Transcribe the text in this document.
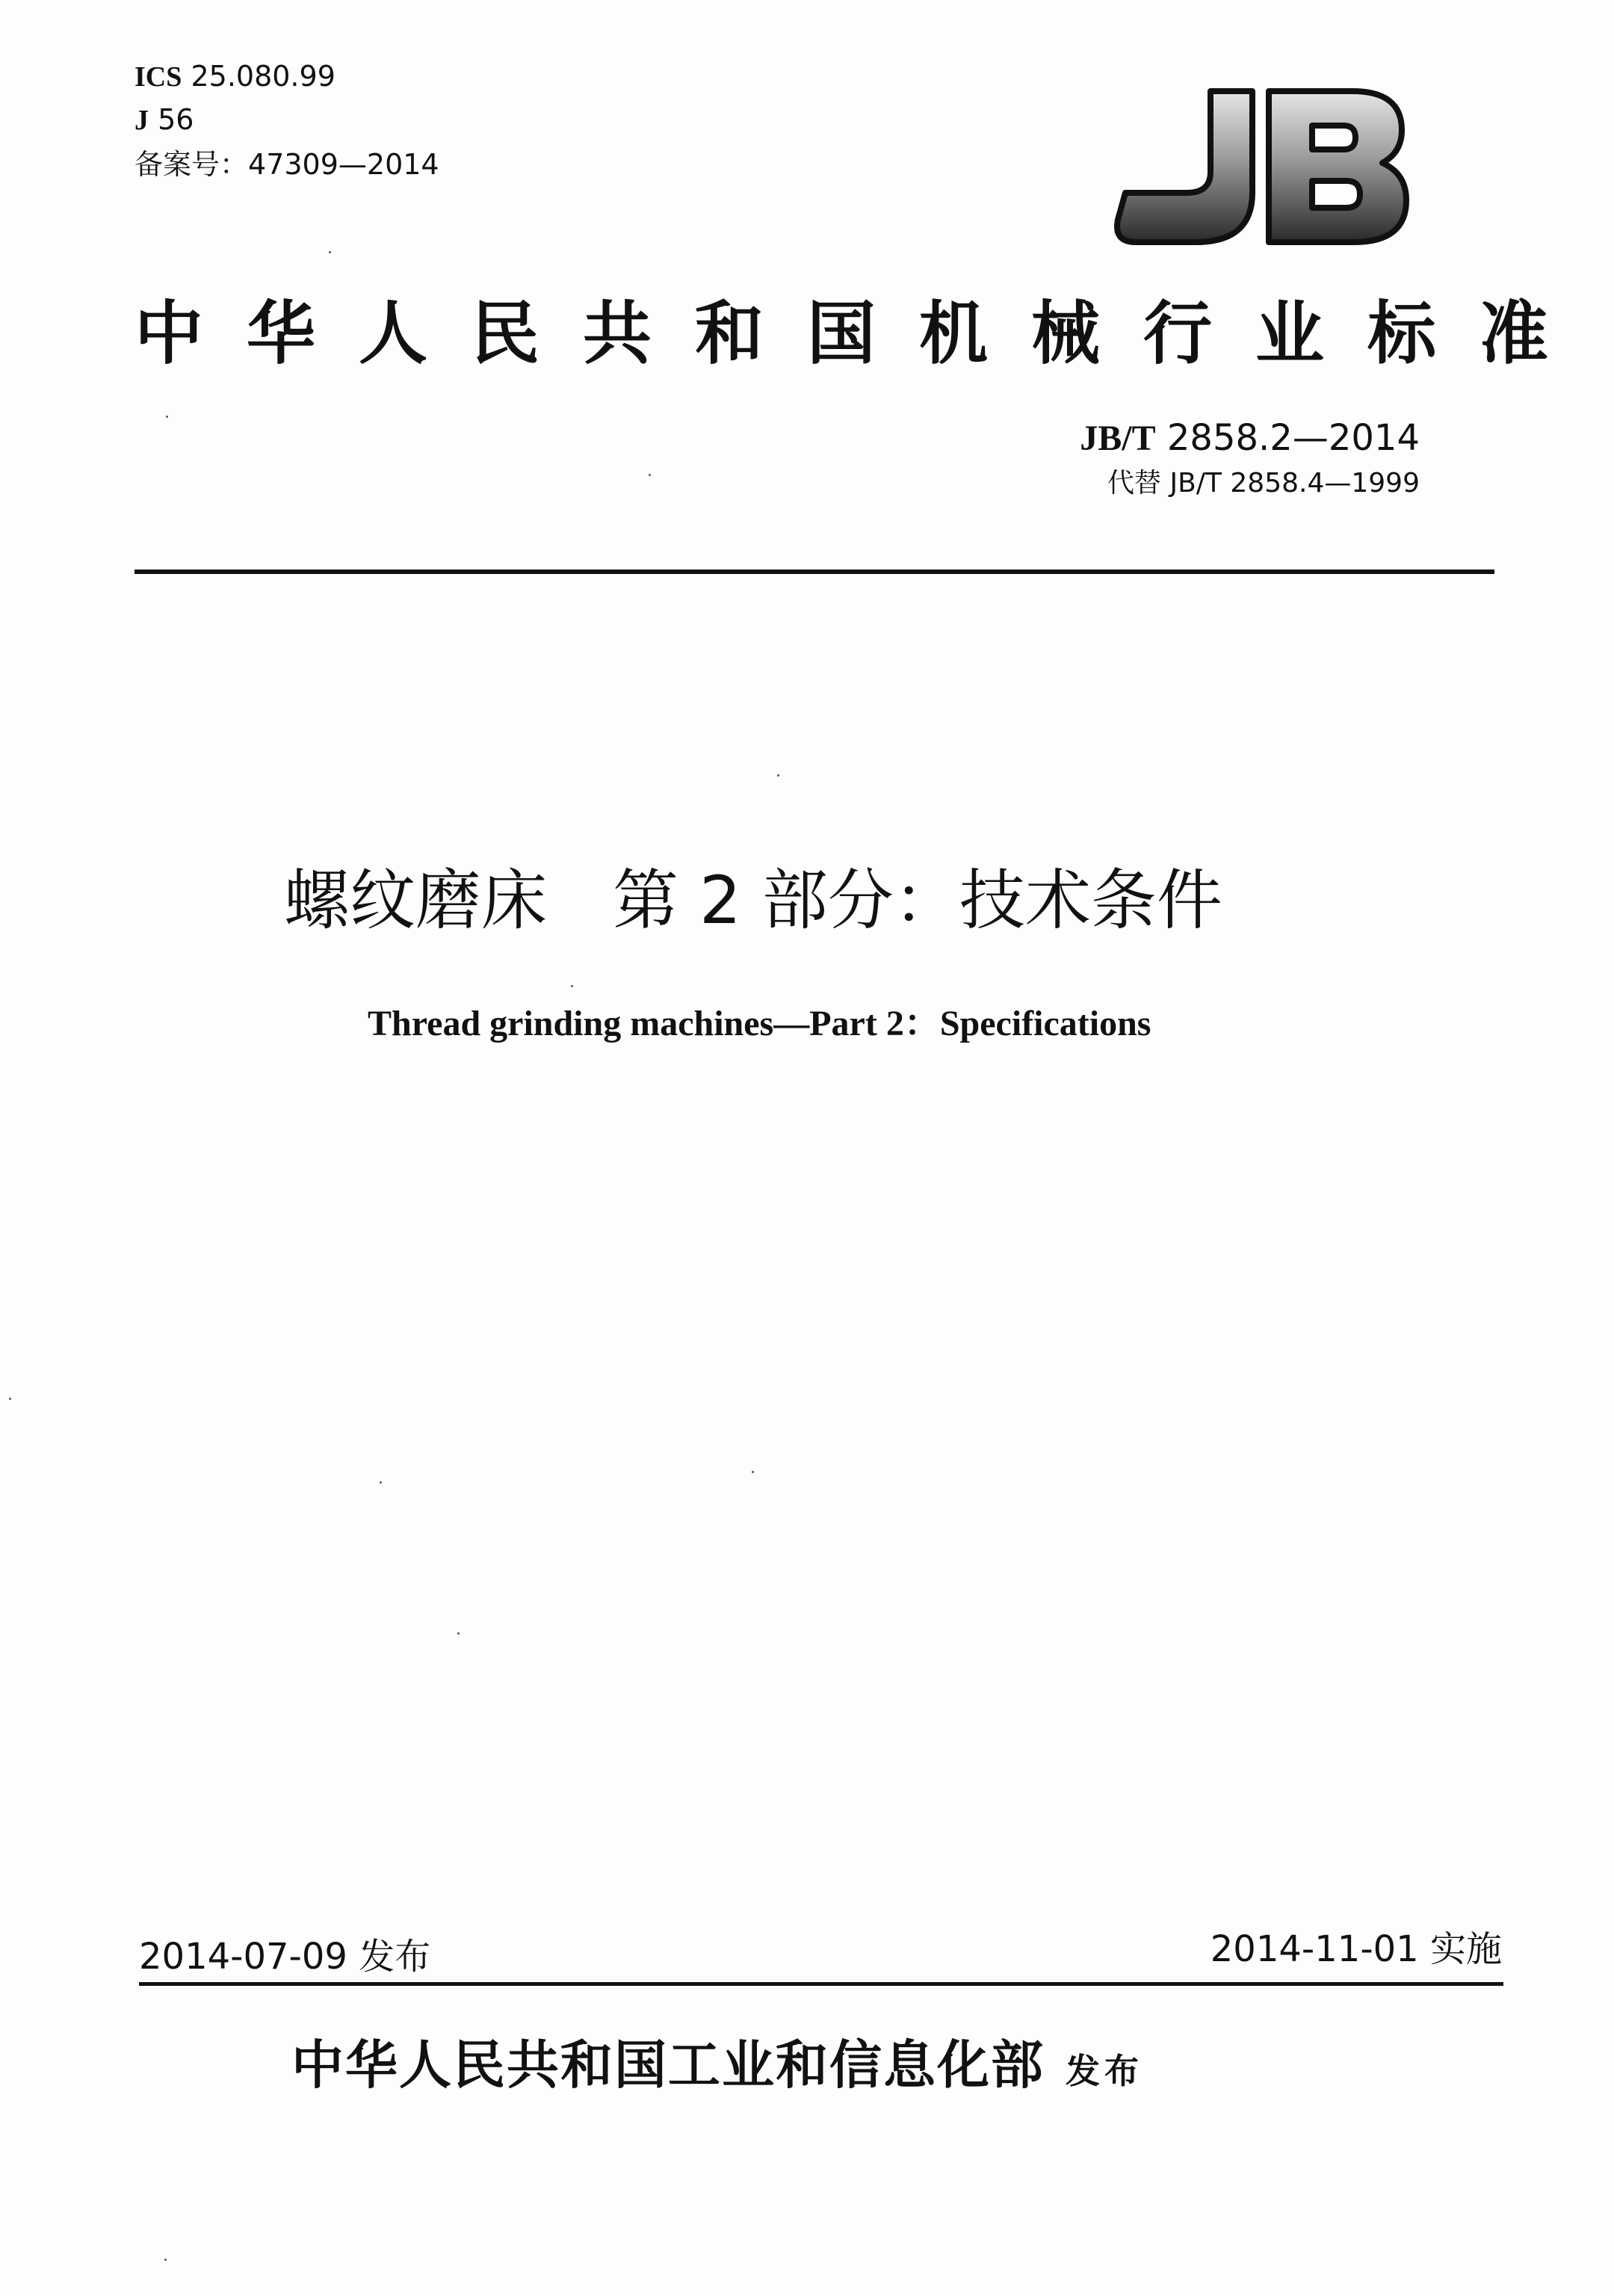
ICS 25.080.99
J 56
备案号：47309—2014
中华人民共和国机械行业标准
JB/T 2858.2—2014
代替 JB/T 2858.4—1999
螺纹磨床　第 2 部分：技术条件
Thread grinding machines—Part 2：Specifications
2014-07-09 发布	2014-11-01 实施
中华人民共和国工业和信息化部 发布
